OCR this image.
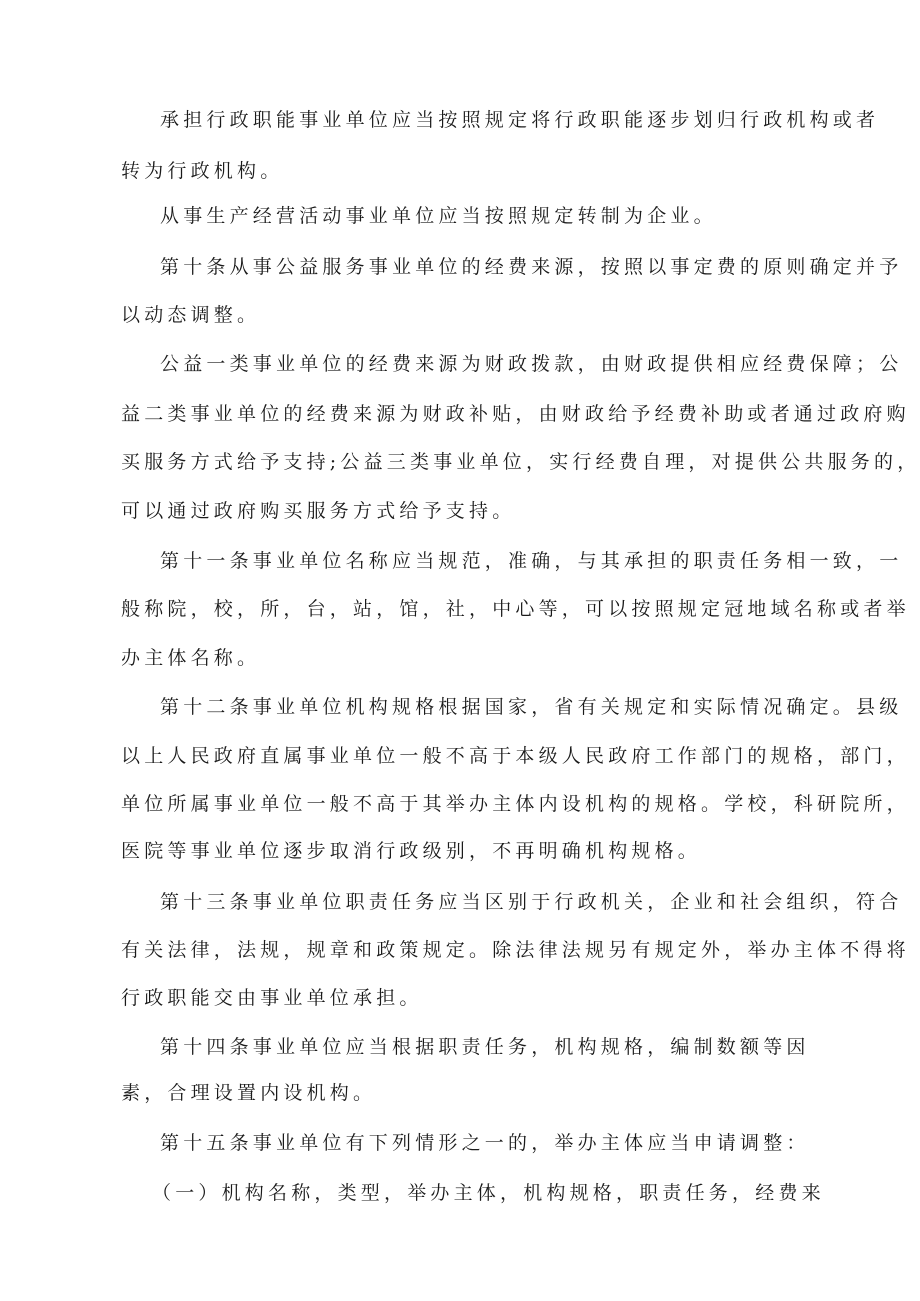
承担行政职能事业单位应当按照规定将行政职能逐步划归行政机构或者
转为行政机构。
从事生产经营活动事业单位应当按照规定转制为企业。
第十条从事公益服务事业单位的经费来源，按照以事定费的原则确定并予
以动态调整。
公益一类事业单位的经费来源为财政拨款，由财政提供相应经费保障；公
益二类事业单位的经费来源为财政补贴，由财政给予经费补助或者通过政府购
买服务方式给予支持;公益三类事业单位，实行经费自理，对提供公共服务的，
可以通过政府购买服务方式给予支持。
第十一条事业单位名称应当规范，准确，与其承担的职责任务相一致，一
般称院，校，所，台，站，馆，社，中心等，可以按照规定冠地域名称或者举
办主体名称。
第十二条事业单位机构规格根据国家，省有关规定和实际情况确定。县级
以上人民政府直属事业单位一般不高于本级人民政府工作部门的规格，部门，
单位所属事业单位一般不高于其举办主体内设机构的规格。学校，科研院所，
医院等事业单位逐步取消行政级别，不再明确机构规格。
第十三条事业单位职责任务应当区别于行政机关，企业和社会组织，符合
有关法律，法规，规章和政策规定。除法律法规另有规定外，举办主体不得将
行政职能交由事业单位承担。
第十四条事业单位应当根据职责任务，机构规格，编制数额等因
素，合理设置内设机构。
第十五条事业单位有下列情形之一的，举办主体应当申请调整：
（一）机构名称，类型，举办主体，机构规格，职责任务，经费来
